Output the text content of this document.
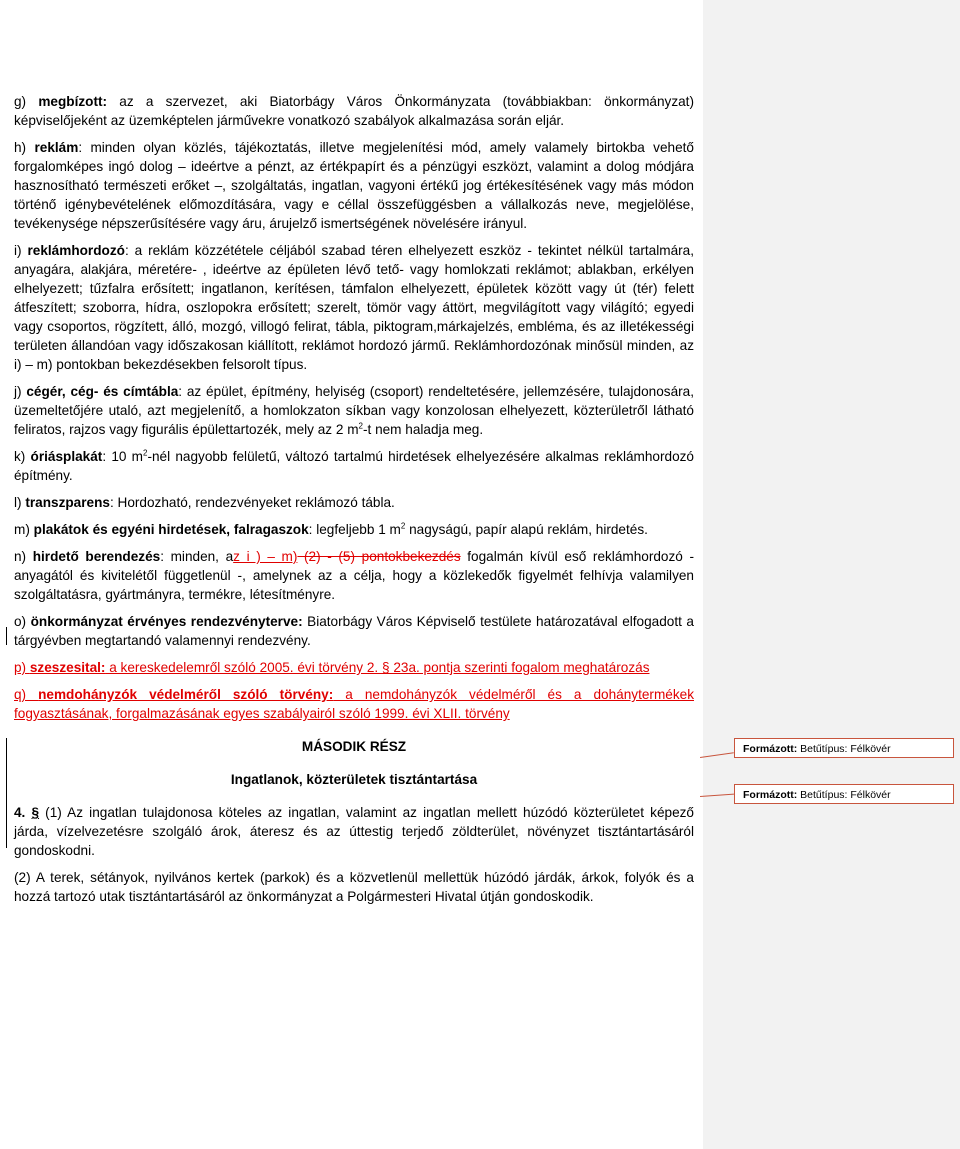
g) megbízott: az a szervezet, aki Biatorbágy Város Önkormányzata (továbbiakban: önkormányzat) képviselőjeként az üzemképtelen járművekre vonatkozó szabályok alkalmazása során eljár.

h) reklám: minden olyan közlés, tájékoztatás, illetve megjelenítési mód, amely valamely birtokba vehető forgalomképes ingó dolog – ideértve a pénzt, az értékpapírt és a pénzügyi eszközt, valamint a dolog módjára hasznosítható természeti erőket –, szolgáltatás, ingatlan, vagyoni értékű jog értékesítésének vagy más módon történő igénybevételének előmozdítására, vagy e céllal összefüggésben a vállalkozás neve, megjelölése, tevékenysége népszerűsítésére vagy áru, árujelző ismertségének növelésére irányul.

i) reklámhordozó: a reklám közzététele céljából szabad téren elhelyezett eszköz - tekintet nélkül tartalmára, anyagára, alakjára, méretére- , ideértve az épületen lévő tető- vagy homlokzati reklámot; ablakban, erkélyen elhelyezett; tűzfalra erősített; ingatlanon, kerítésen, támfalon elhelyezett, épületek között vagy út (tér) felett átfeszített; szoborra, hídra, oszlopokra erősített; szerelt, tömör vagy áttört, megvilágított vagy világító; egyedi vagy csoportos, rögzített, álló, mozgó, villogó felirat, tábla, piktogram,márkajelzés, embléma, és az illetékességi területen állandóan vagy időszakosan kiállított, reklámot hordozó jármű. Reklámhordozónak minősül minden, az i) – m) pontokban bekezdésekben felsorolt típus.

j) cégér, cég- és címtábla: az épület, építmény, helyiség (csoport) rendeltetésére, jellemzésére, tulajdonosára, üzemeltetőjére utaló, azt megjelenítő, a homlokzaton síkban vagy konzolosan elhelyezett, közterületről látható feliratos, rajzos vagy figurális épülettartozék, mely az 2 $m^2-t$ nem haladja meg.

k) óriásplakát: 10 $m^2$-nél nagyobb felületű, változó tartalmú hirdetések elhelyezésére alkalmas reklámhordozó építmény.

l) transzparens: Hordozható, rendezvényeket reklámozó tábla.

m) plakátok és egyéni hirdetések, falragaszok: legfeljebb 1 $m^2$ nagyságú, papír alapú reklám, hirdetés.

n) hirdető berendezés: minden, az i ) – m) (2) - (5) pontokbekezdés fogalmán kívül eső reklámhordozó - anyagától és kivitelétől függetlenül -, amelynek az a célja, hogy a közlekedők figyelmét felhívja valamilyen szolgáltatásra, gyártmányra, termékre, létesítményre.

o) önkormányzat érvényes rendezvényterve: Biatorbágy Város Képviselő testülete határozatával elfogadott a tárgyévben megtartandó valamennyi rendezvény.

p) szeszesital: a kereskedelemről szóló 2005. évi törvény 2. § 23a. pontja szerinti fogalom meghatározás

q) nemdohányzók védelméről szóló törvény: a nemdohányzók védelméről és a dohánytermékek fogyasztásának, forgalmazásának egyes szabályairól szóló 1999. évi XLII. törvény

MÁSODIK RÉSZ

Ingatlanok, közterületek tisztántartása

4. § (1) Az ingatlan tulajdonosa köteles az ingatlan, valamint az ingatlan mellett húzódó közterületet képező járda, vízelvezetésre szolgáló árok, áteresz és az úttestig terjedő zöldterület, növényzet tisztántartásáról gondoskodni.

(2) A terek, sétányok, nyilvános kertek (parkok) és a közvetlenül mellettük húzódó járdák, árkok, folyók és a hozzá tartozó utak tisztántartásáról az önkormányzat a Polgármesteri Hivatal útján gondoskodik.

Formázott: Betűtípus: Félkövér
Formázott: Betűtípus: Félkövér
